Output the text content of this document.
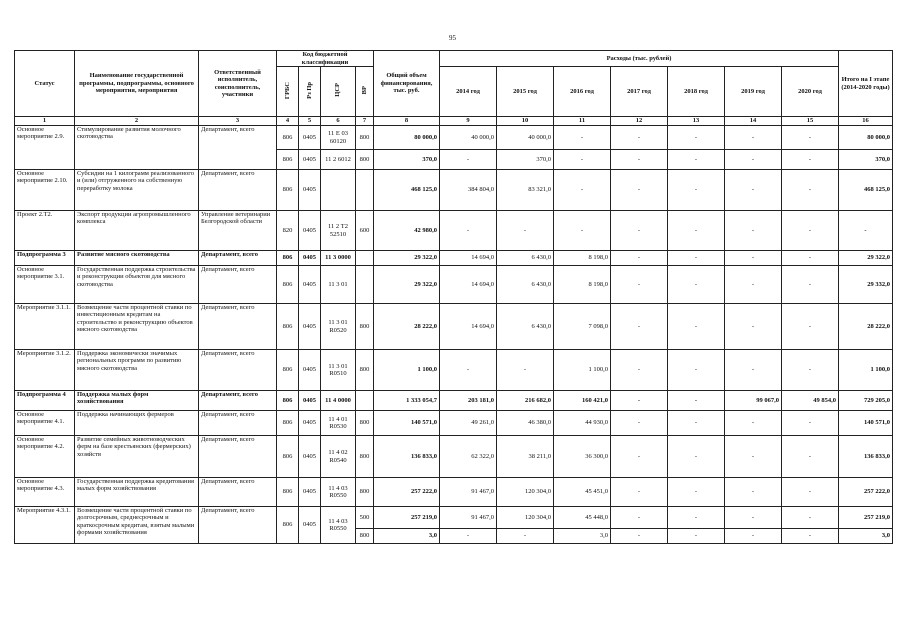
95
Статус	Наименование государственной программы, подпрограммы, основного мероприятия, мероприятия	Ответственный исполнитель, соисполнитель, участники	Код бюджетной классификации				Общий объем финансирования, тыс. руб.	Расходы (тыс. рублей)							Итого на I этапе (2014-2020 годы)
			ГРБС	Рз Пр	ЦСР	ВР		2014 год	2015 год	2016 год	2017 год	2018 год	2019 год	2020 год	
1	2	3	4	5	6	7	8	9	10	11	12	13	14	15	16
Основное мероприятие 2.9.	Стимулирование развития молочного скотоводства	Департамент, всего	806	0405	11 Е 03 60120	800	80 000,0	40 000,0	40 000,0	-	-	-	-	-	80 000,0
			806	0405	11 2 6012	800	370,0	-	370,0	-	-	-	-	-	370,0
Основное мероприятие 2.10.	Субсидии на 1 килограмм реализованного и (или) отгруженного на собственную переработку молока	Департамент, всего	806	0405			468 125,0	384 804,0	83 321,0	-	-	-	-	-	468 125,0
Проект 2.Т2.	Экспорт продукции агропромышленного комплекса	Управление ветеринарии Белгородской области	820	0405	11 2 Т2 52510	600	42 980,0	-	-	-	-	-	-	-	-
Подпрограмма 3	Развитие мясного скотоводства	Департамент, всего	806	0405	11 3 0000		29 322,0	14 694,0	6 430,0	8 198,0	-	-	-	-	29 322,0
Основное мероприятие 3.1.	Государственная поддержка строительства и реконструкции объектов для мясного скотоводства	Департамент, всего	806	0405	11 3 01		29 322,0	14 694,0	6 430,0	8 198,0	-	-	-	-	29 332,0
Мероприятие 3.1.1.	Возмещение части процентной ставки по инвестиционным кредитам на строительство и реконструкцию объектов мясного скотоводства	Департамент, всего	806	0405	11 3 01 R0520	800	28 222,0	14 694,0	6 430,0	7 098,0	-	-	-	-	28 222,0
Мероприятие 3.1.2.	Поддержка экономически значимых региональных программ по развитию мясного скотоводства	Департамент, всего	806	0405	11 3 01 R0510	800	1 100,0	-	-	1 100,0	-	-	-	-	1 100,0
Подпрограмма 4	Поддержка малых форм хозяйствования	Департамент, всего	806	0405	11 4 0000		1 333 054,7	203 181,0	216 682,0	160 421,0	-	-	99 067,0	49 854,0	729 205,0
Основное мероприятие 4.1.	Поддержка начинающих фермеров	Департамент, всего	806	0405	11 4 01 R0530	800	140 571,0	49 261,0	46 380,0	44 930,0	-	-	-	-	140 571,0
Основное мероприятие 4.2.	Развитие семейных животноводческих ферм на базе крестьянских (фермерских) хозяйств	Департамент, всего	806	0405	11 4 02 R0540	800	136 833,0	62 322,0	38 211,0	36 300,0	-	-	-	-	136 833,0
Основное мероприятие 4.3.	Государственная поддержка кредитования малых форм хозяйствования	Департамент, всего	806	0405	11 4 03 R0550	800	257 222,0	91 467,0	120 304,0	45 451,0	-	-	-	-	257 222,0
Мероприятие 4.3.1.	Возмещение части процентной ставки по долгосрочным, среднесрочным и краткосрочным кредитам, взятым малыми формами хозяйствования	Департамент, всего	806	0405	11 4 03 R0550	500	257 219,0	91 467,0	120 304,0	45 448,0	-	-	-	-	257 219,0
						800	3,0	-	-	3,0	-	-	-	-	3,0
